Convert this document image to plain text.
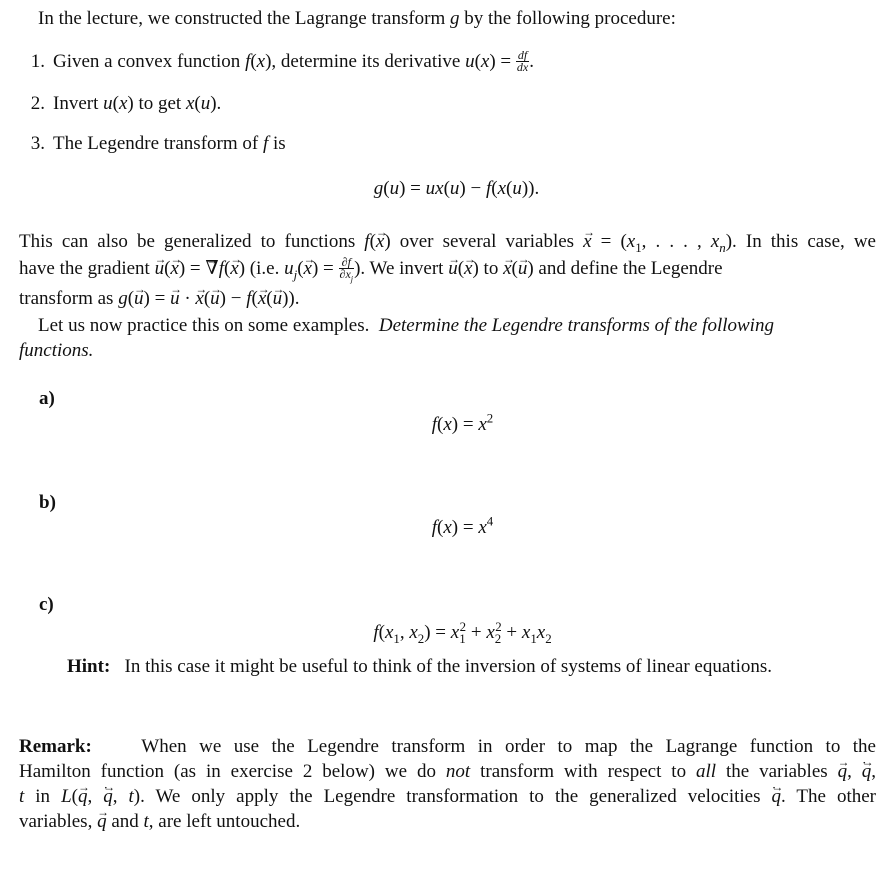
In the lecture, we constructed the Lagrange transform g by the following procedure:
1. Given a convex function f(x), determine its derivative $u(x) = \frac{df}{dx}$ .
2. Invert u(x) to get x(u).
3. The Legendre transform of f is
g(u) = ux(u) − f(x(u)).
This can also be generalized to functions f(x →) over several variables x → = ($x_1$, . . . , $x_n$). In this case, we
have the gradient u →(x →) = ∇ →f(x →) (i.e. $u_j(x$ →) = $\frac{\partial f}{\partial x_j}$ ). We invert u →(x →) to x →(u →) and define the Legendre
transform as g(u →) = u → · x →(u →) − f(x →(u →)).
Let us now practice this on some examples. Determine the Legendre transforms of the following
functions.
a)
$f(x) = x^2$
b)
$f(x) = x^4$
c)
$f(x_1$, $x_2) = x_1^2 + x_2^2 + x_1x_2$
Hint: In this case it might be useful to think of the inversion of systems of linear equations.
Remark:    When we use the Legendre transform in order to map the Lagrange function to the
Hamilton function (as in exercise 2 below) we do not transform with respect to all the variables q →, ˙ q →,
t in L(q →, ˙ q →, t). We only apply the Legendre transformation to the generalized velocities ˙ q →. The other
variables, q → and t, are left untouched.
